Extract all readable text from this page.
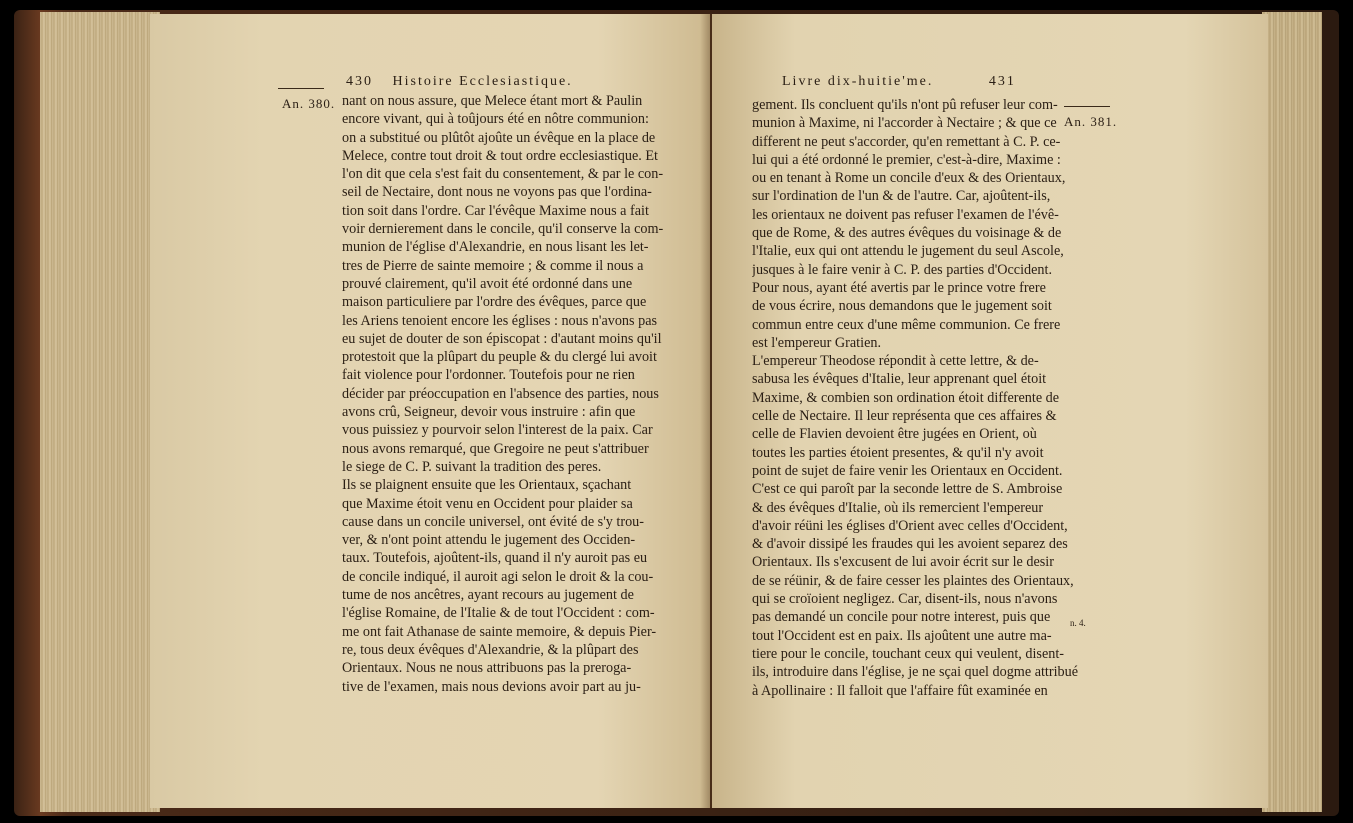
430 Histoire Ecclesiastique.
An. 380. nant on nous assure, que Melece étant mort & Paulin
encore vivant, qui à toûjours été en nôtre communion:
on a substitué ou plûtôt ajoûte un évêque en la place de
Melece, contre tout droit & tout ordre ecclesiastique. Et
l'on dit que cela s'est fait du consentement, & par le con-
seil de Nectaire, dont nous ne voyons pas que l'ordina-
tion soit dans l'ordre. Car l'évêque Maxime nous a fait
voir dernierement dans le concile, qu'il conserve la com-
munion de l'église d'Alexandrie, en nous lisant les let-
tres de Pierre de sainte memoire ; & comme il nous a
prouvé clairement, qu'il avoit été ordonné dans une
maison particuliere par l'ordre des évêques, parce que
les Ariens tenoient encore les églises : nous n'avons pas
eu sujet de douter de son épiscopat : d'autant moins qu'il
protestoit que la plûpart du peuple & du clergé lui avoit
fait violence pour l'ordonner. Toutefois pour ne rien
décider par préoccupation en l'absence des parties, nous
avons crû, Seigneur, devoir vous instruire : afin que
vous puissiez y pourvoir selon l'interest de la paix. Car
nous avons remarqué, que Gregoire ne peut s'attribuer
le siege de C. P. suivant la tradition des peres.
Ils se plaignent ensuite que les Orientaux, sçachant
que Maxime étoit venu en Occident pour plaider sa
cause dans un concile universel, ont évité de s'y trou-
ver, & n'ont point attendu le jugement des Occiden-
taux. Toutefois, ajoûtent-ils, quand il n'y auroit pas eu
de concile indiqué, il auroit agi selon le droit & la cou-
tume de nos ancêtres, ayant recours au jugement de
l'église Romaine, de l'Italie & de tout l'Occident : com-
me ont fait Athanase de sainte memoire, & depuis Pier-
re, tous deux évêques d'Alexandrie, & la plûpart des
Orientaux. Nous ne nous attribuons pas la preroga-
tive de l'examen, mais nous devions avoir part au ju-
Livre dix-huitie'me.	431
An. 381.
n. 4.
gement. Ils concluent qu'ils n'ont pû refuser leur com-
munion à Maxime, ni l'accorder à Nectaire ; & que ce
different ne peut s'accorder, qu'en remettant à C. P. ce-
lui qui a été ordonné le premier, c'est-à-dire, Maxime :
ou en tenant à Rome un concile d'eux & des Orientaux,
sur l'ordination de l'un & de l'autre. Car, ajoûtent-ils,
les orientaux ne doivent pas refuser l'examen de l'évê-
que de Rome, & des autres évêques du voisinage & de
l'Italie, eux qui ont attendu le jugement du seul Ascole,
jusques à le faire venir à C. P. des parties d'Occident.
Pour nous, ayant été avertis par le prince votre frere
de vous écrire, nous demandons que le jugement soit
commun entre ceux d'une même communion. Ce frere
est l'empereur Gratien.
L'empereur Theodose répondit à cette lettre, & de-
sabusa les évêques d'Italie, leur apprenant quel étoit
Maxime, & combien son ordination étoit differente de
celle de Nectaire. Il leur représenta que ces affaires &
celle de Flavien devoient être jugées en Orient, où
toutes les parties étoient presentes, & qu'il n'y avoit
point de sujet de faire venir les Orientaux en Occident.
C'est ce qui paroît par la seconde lettre de S. Ambroise
& des évêques d'Italie, où ils remercient l'empereur
d'avoir réüni les églises d'Orient avec celles d'Occident,
& d'avoir dissipé les fraudes qui les avoient separez des
Orientaux. Ils s'excusent de lui avoir écrit sur le desir
de se réünir, & de faire cesser les plaintes des Orientaux,
qui se croïoient negligez. Car, disent-ils, nous n'avons
pas demandé un concile pour notre interest, puis que
tout l'Occident est en paix. Ils ajoûtent une autre ma-
tiere pour le concile, touchant ceux qui veulent, disent-
ils, introduire dans l'église, je ne sçai quel dogme attribué
à Apollinaire : Il falloit que l'affaire fût examinée en
